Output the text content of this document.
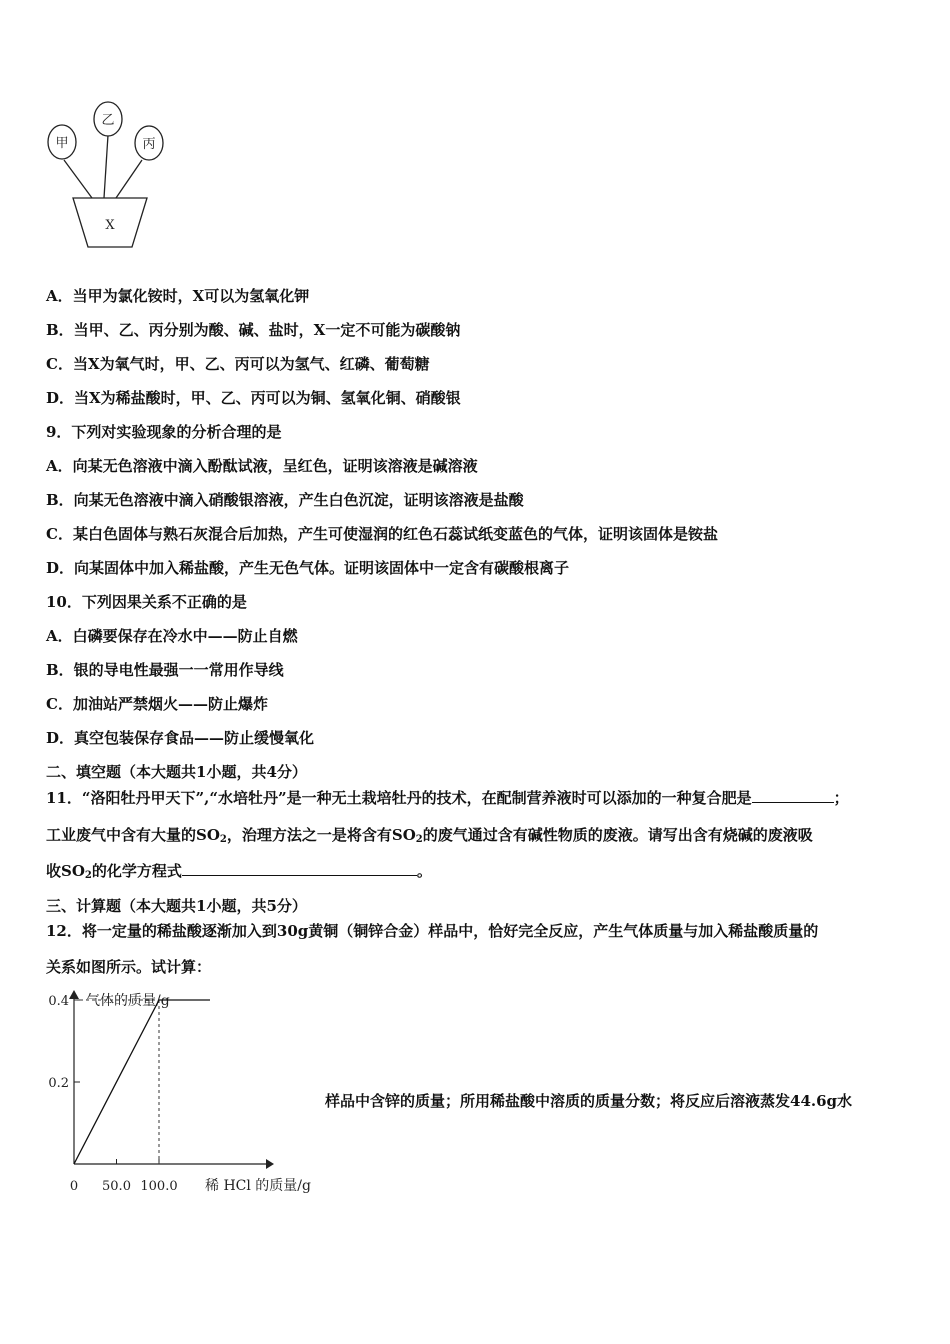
甲
乙
丙
X
A．当甲为氯化铵时，X可以为氢氧化钾
B．当甲、乙、丙分别为酸、碱、盐时，X一定不可能为碳酸钠
C．当X为氧气时，甲、乙、丙可以为氢气、红磷、葡萄糖
D．当X为稀盐酸时，甲、乙、丙可以为铜、氢氧化铜、硝酸银
9．下列对实验现象的分析合理的是
A．向某无色溶液中滴入酚酞试液，呈红色，证明该溶液是碱溶液
B．向某无色溶液中滴入硝酸银溶液，产生白色沉淀，证明该溶液是盐酸
C．某白色固体与熟石灰混合后加热，产生可使湿润的红色石蕊试纸变蓝色的气体，证明该固体是铵盐
D．向某固体中加入稀盐酸，产生无色气体。证明该固体中一定含有碳酸根离子
10．下列因果关系不正确的是
A．白磷要保存在冷水中——防止自燃
B．银的导电性最强一一常用作导线
C．加油站严禁烟火——防止爆炸
D．真空包装保存食品——防止缓慢氧化
二、填空题（本大题共1小题，共4分）
11．“洛阳牡丹甲天下”,“水培牡丹”是一种无土栽培牡丹的技术，在配制营养液时可以添加的一种复合肥是	；
工业废气中含有大量的$SO_2$，治理方法之一是将含有$SO_2$的废气通过含有碱性物质的废液。请写出含有烧碱的废液吸
收$SO_2$的化学方程式	。
三、计算题（本大题共1小题，共5分）
12．将一定量的稀盐酸逐渐加入到30g黄铜（铜锌合金）样品中，恰好完全反应，产生气体质量与加入稀盐酸质量的
关系如图所示。试计算：
样品中含锌的质量；所用稀盐酸中溶质的质量分数；将反应后溶液蒸发44.6g水
气体的质量/g
稀 HCl 的质量/g
0.2
0.4
0 50.0 100.0
